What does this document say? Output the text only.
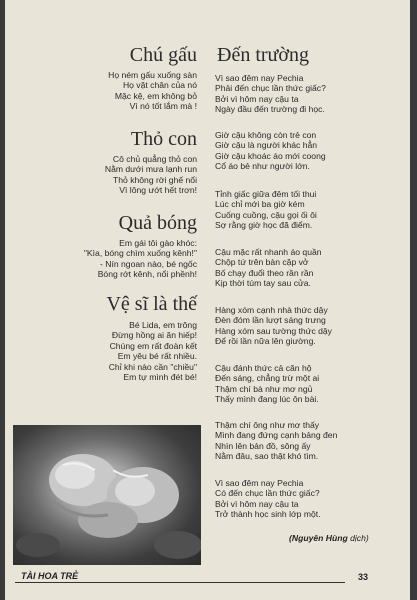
Chú gấu
Họ ném gấu xuống sàn
Họ vặt chân của nó
Mặc kệ, em không bỏ
Vì nó tốt lắm mà !
Thỏ con
Cô chủ quẳng thỏ con
Nằm dưới mưa lạnh run
Thỏ không rời ghế nổi
Vì lông ướt hết trơn!
Quả bóng
Em gái tôi gào khóc:
"Kìa, bóng chìm xuống kênh!"
- Nín ngoan nào, bé ngốc
Bóng rớt kênh, nổi phềnh!
Vệ sĩ là thế
Bé Lida, em trông
Đừng hồng ai ăn hiếp!
Chúng em rất đoàn kết
Em yêu bé rất nhiều.
Chỉ khi nào cần "chiều"
Em tự mình đét bé!
Đến trường
Vì sao đêm nay Pechia
Phải đến chục lần thức giấc?
Bởi vì hôm nay cậu ta
Ngày đầu đến trường đi học.
Giờ cậu không còn trẻ con
Giờ cậu là người khác hẳn
Giờ cậu khoác áo mới coong
Cổ áo bẻ như người lớn.
Tỉnh giấc giữa đêm tối thui
Lúc chỉ mới ba giờ kém
Cuống cuồng, cậu gọi ối ôi
Sợ rằng giờ học đã điểm.
Cậu mặc rất nhanh áo quần
Chộp tứ trên bàn cặp vở
Bố chạy đuổi theo rần rần
Kịp thời túm tay sau cửa.
Hàng xóm cạnh nhà thức dậy
Đèn đóm lần lượt sáng trưng
Hàng xóm sau tường thức dậy
Để rồi lần nữa lên giường.
Cậu đánh thức cả căn hộ
Đến sáng, chẳng trừ một ai
Thậm chí bà như mơ ngủ
Thấy mình đang lúc ôn bài.
Thậm chí ông như mơ thấy
Mình đang đứng cạnh bảng đen
Nhìn lên bản đồ, sông ấy
Nằm đâu, sao thật khó tìm.
Vì sao đêm nay Pechia
Có đến chục lần thức giấc?
Bởi vì hôm nay cậu ta
Trở thành học sinh lớp một.
(Nguyên Hùng dịch)
TÀI HOA TRẺ	33
